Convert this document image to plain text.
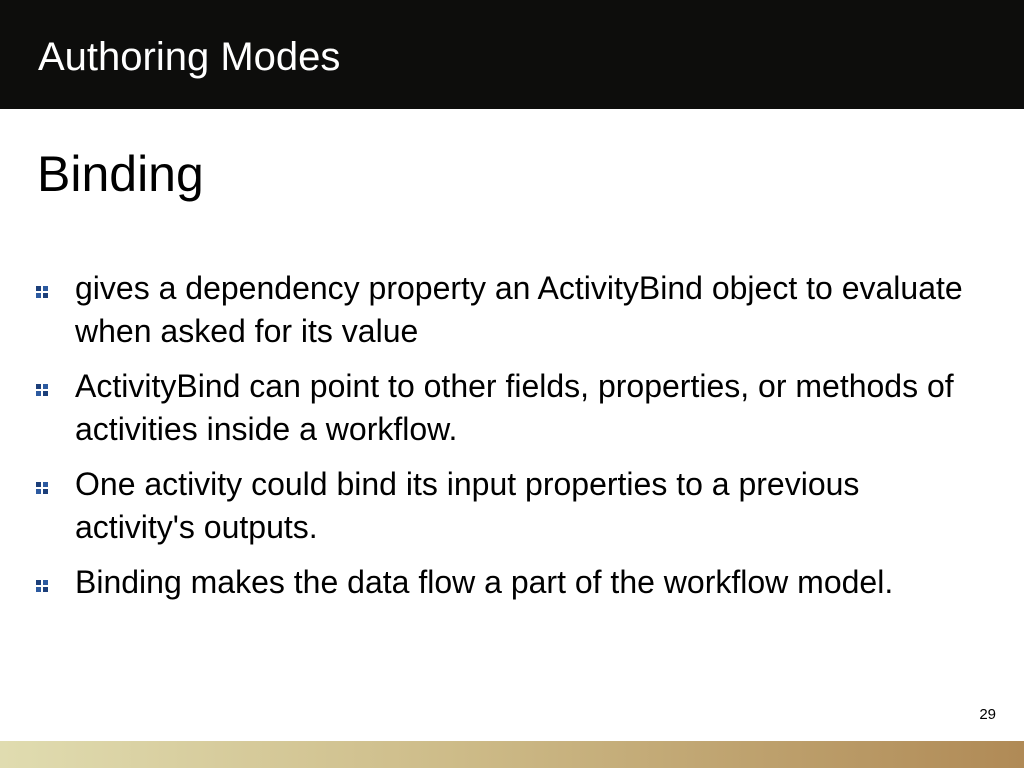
Authoring Modes
Binding
gives a dependency property an ActivityBind object to evaluate when asked for its value
ActivityBind can point to other fields, properties, or methods of activities inside a workflow.
One activity could bind its input properties to a previous activity's outputs.
Binding makes the data flow a part of the workflow model.
29
